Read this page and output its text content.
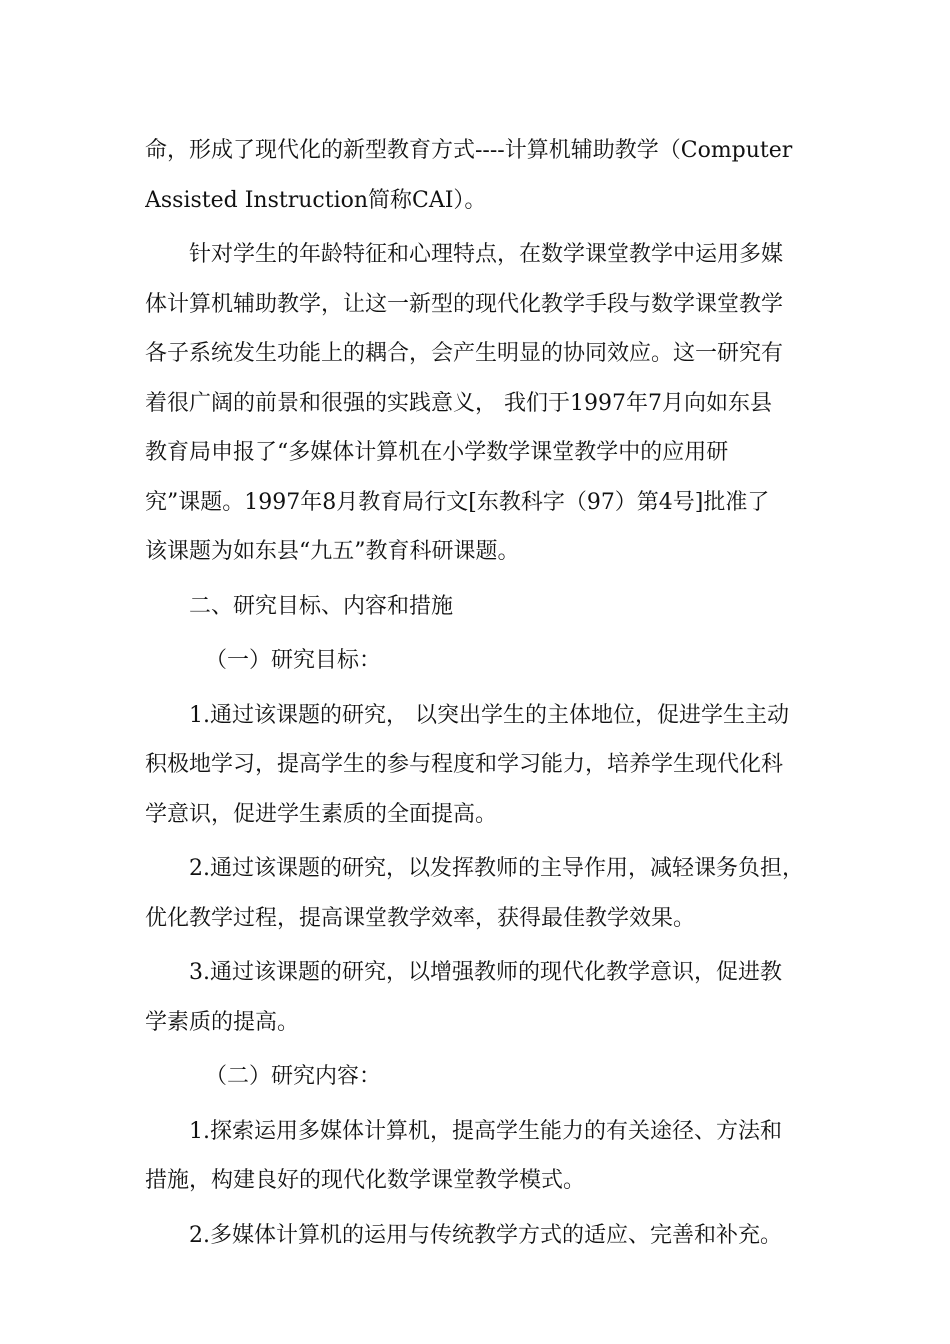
命，形成了现代化的新型教育方式----计算机辅助教学（Computer
Assisted Instruction简称CAI）。
针对学生的年龄特征和心理特点，在数学课堂教学中运用多媒
体计算机辅助教学，让这一新型的现代化教学手段与数学课堂教学
各子系统发生功能上的耦合，会产生明显的协同效应。这一研究有
着很广阔的前景和很强的实践意义， 我们于1997年7月向如东县
教育局申报了“多媒体计算机在小学数学课堂教学中的应用研
究”课题。1997年8月教育局行文[东教科字（97）第4号]批准了
该课题为如东县“九五”教育科研课题。
二、研究目标、内容和措施
（一）研究目标：
1.通过该课题的研究， 以突出学生的主体地位，促进学生主动
积极地学习，提高学生的参与程度和学习能力，培养学生现代化科
学意识，促进学生素质的全面提高。
2.通过该课题的研究，以发挥教师的主导作用，减轻课务负担，
优化教学过程，提高课堂教学效率，获得最佳教学效果。
3.通过该课题的研究，以增强教师的现代化教学意识，促进教
学素质的提高。
（二）研究内容：
1.探索运用多媒体计算机，提高学生能力的有关途径、方法和
措施，构建良好的现代化数学课堂教学模式。
2.多媒体计算机的运用与传统教学方式的适应、完善和补充。
